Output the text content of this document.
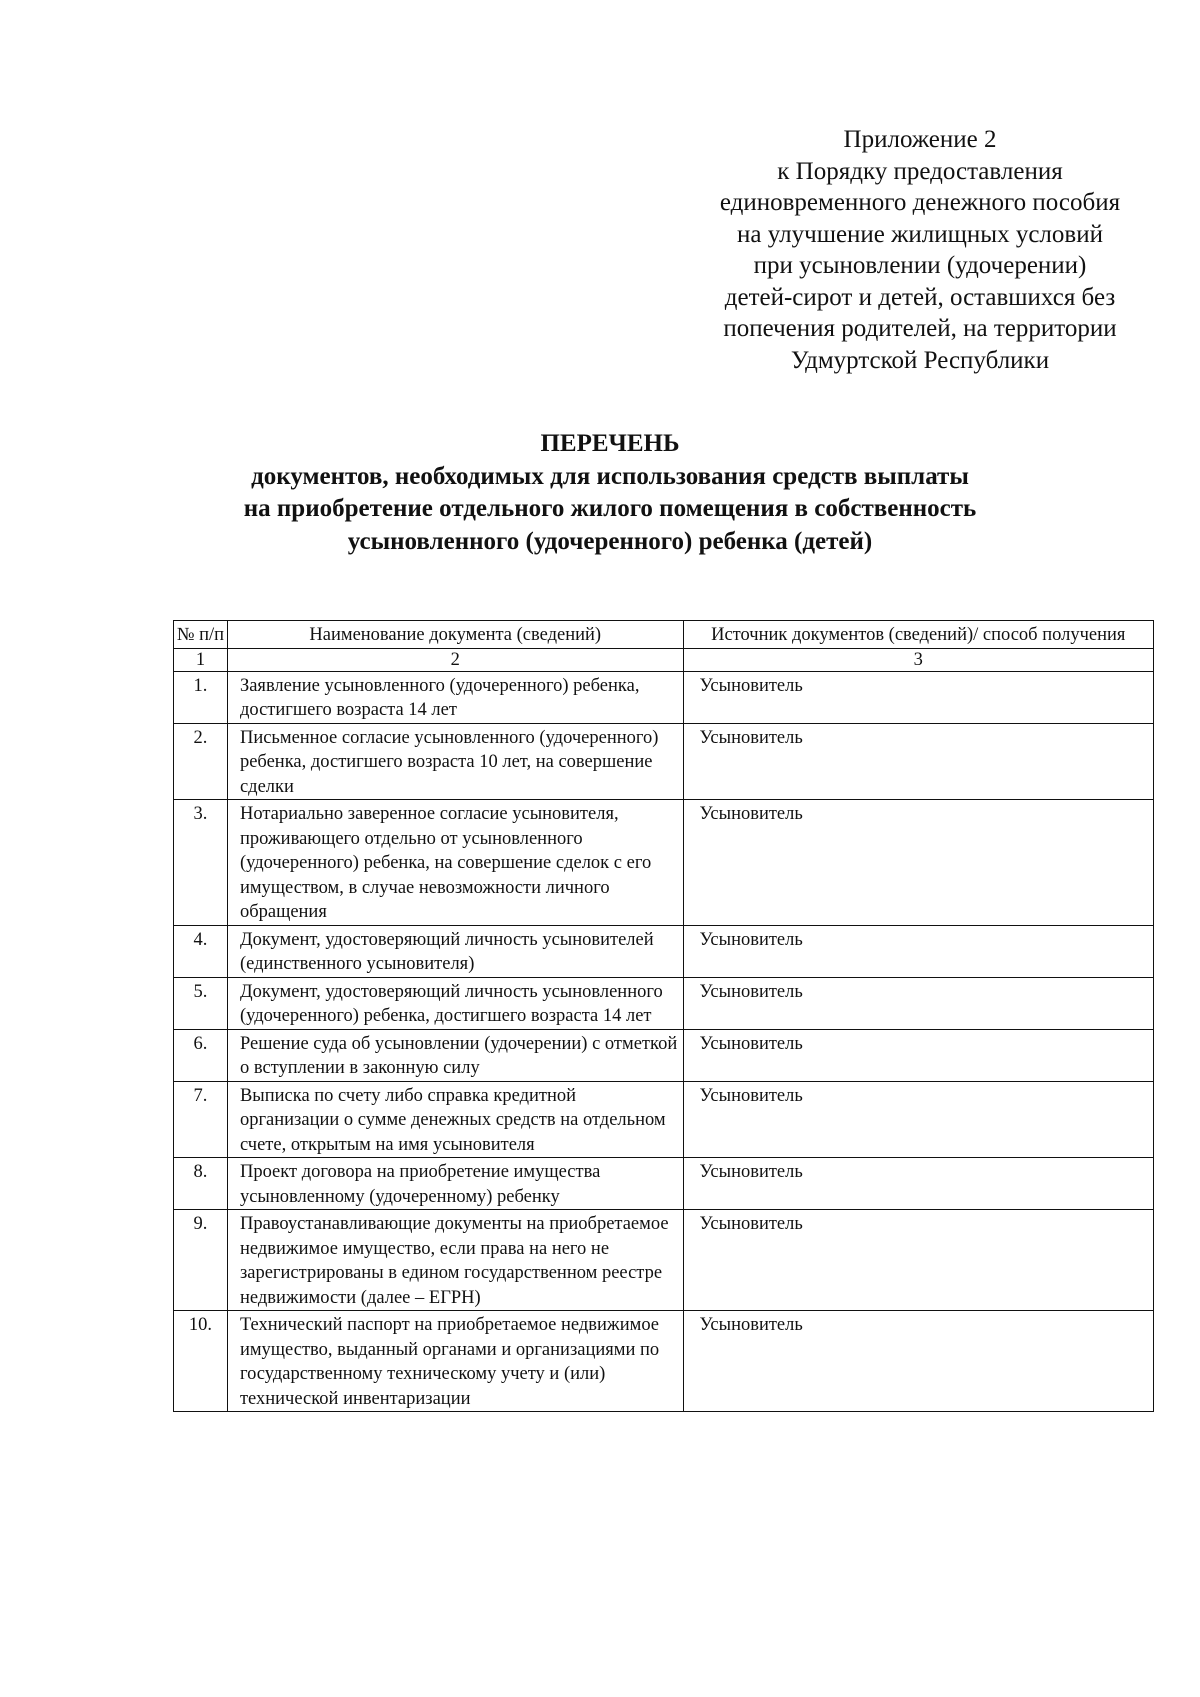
Приложение 2
к Порядку предоставления
единовременного денежного пособия
на улучшение жилищных условий
при усыновлении (удочерении)
детей-сирот и детей, оставшихся без
попечения родителей, на территории
Удмуртской Республики
ПЕРЕЧЕНЬ
документов, необходимых для использования средств выплаты
на приобретение отдельного жилого помещения в собственность
усыновленного (удочеренного) ребенка (детей)
№ п/п	Наименование документа (сведений)	Источник документов (сведений)/ способ получения
1	2	3
1.	Заявление усыновленного (удочеренного) ребенка, достигшего возраста 14 лет	Усыновитель
2.	Письменное согласие усыновленного (удочеренного) ребенка, достигшего возраста 10 лет, на совершение сделки	Усыновитель
3.	Нотариально заверенное согласие усыновителя, проживающего отдельно от усыновленного (удочеренного) ребенка, на совершение сделок с его имуществом, в случае невозможности личного обращения	Усыновитель
4.	Документ, удостоверяющий личность усыновителей (единственного усыновителя)	Усыновитель
5.	Документ, удостоверяющий личность усыновленного (удочеренного) ребенка, достигшего возраста 14 лет	Усыновитель
6.	Решение суда об усыновлении (удочерении) с отметкой о вступлении в законную силу	Усыновитель
7.	Выписка по счету либо справка кредитной организации о сумме денежных средств на отдельном счете, открытым на имя усыновителя	Усыновитель
8.	Проект договора на приобретение имущества усыновленному (удочеренному) ребенку	Усыновитель
9.	Правоустанавливающие документы на приобретаемое недвижимое имущество, если права на него не зарегистрированы в едином государственном реестре недвижимости (далее – ЕГРН)	Усыновитель
10.	Технический паспорт на приобретаемое недвижимое имущество, выданный органами и организациями по государственному техническому учету и (или) технической инвентаризации	Усыновитель
